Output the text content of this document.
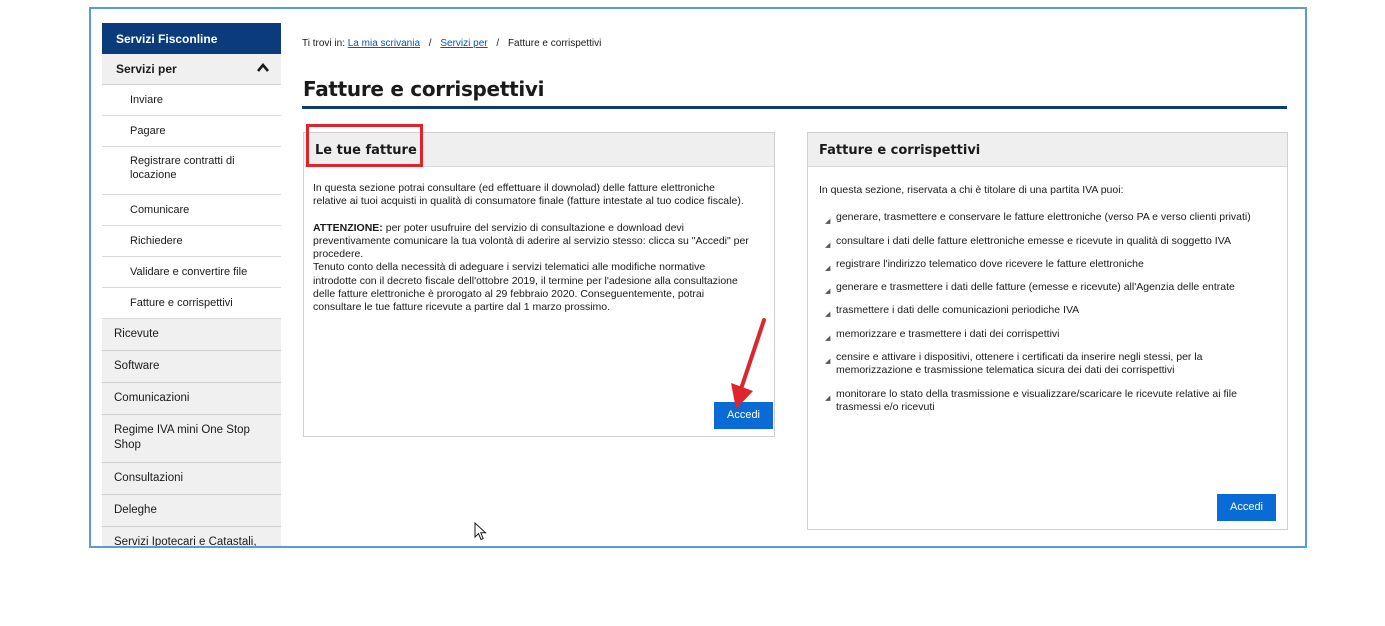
Servizi Fisconline
Servizi per
Inviare
Pagare
Registrare contratti di locazione
Comunicare
Richiedere
Validare e convertire file
Fatture e corrispettivi
Ricevute
Software
Comunicazioni
Regime IVA mini One Stop Shop
Consultazioni
Deleghe
Servizi Ipotecari e Catastali,
Ti trovi in: La mia scrivania / Servizi per / Fatture e corrispettivi
Fatture e corrispettivi
Le tue fatture

In questa sezione potrai consultare (ed effettuare il downolad) delle fatture elettroniche relative ai tuoi acquisti in qualità di consumatore finale (fatture intestate al tuo codice fiscale).

ATTENZIONE: per poter usufruire del servizio di consultazione e download devi preventivamente comunicare la tua volontà di aderire al servizio stesso: clicca su "Accedi" per procedere.
Tenuto conto della necessità di adeguare i servizi telematici alle modifiche normative introdotte con il decreto fiscale dell'ottobre 2019, il termine per l'adesione alla consultazione delle fatture elettroniche è prorogato al 29 febbraio 2020. Conseguentemente, potrai consultare le tue fatture ricevute a partire dal 1 marzo prossimo.
Accedi
Fatture e corrispettivi
In questa sezione, riservata a chi è titolare di una partita IVA puoi:
◢ generare, trasmettere e conservare le fatture elettroniche (verso PA e verso clienti privati)
◢ consultare i dati delle fatture elettroniche emesse e ricevute in qualità di soggetto IVA
◢ registrare l'indirizzo telematico dove ricevere le fatture elettroniche
◢ generare e trasmettere i dati delle fatture (emesse e ricevute) all'Agenzia delle entrate
◢ trasmettere i dati delle comunicazioni periodiche IVA
◢ memorizzare e trasmettere i dati dei corrispettivi
◢ censire e attivare i dispositivi, ottenere i certificati da inserire negli stessi, per la memorizzazione e trasmissione telematica sicura dei dati dei corrispettivi
◢ monitorare lo stato della trasmissione e visualizzare/scaricare le ricevute relative ai file trasmessi e/o ricevuti
Accedi
